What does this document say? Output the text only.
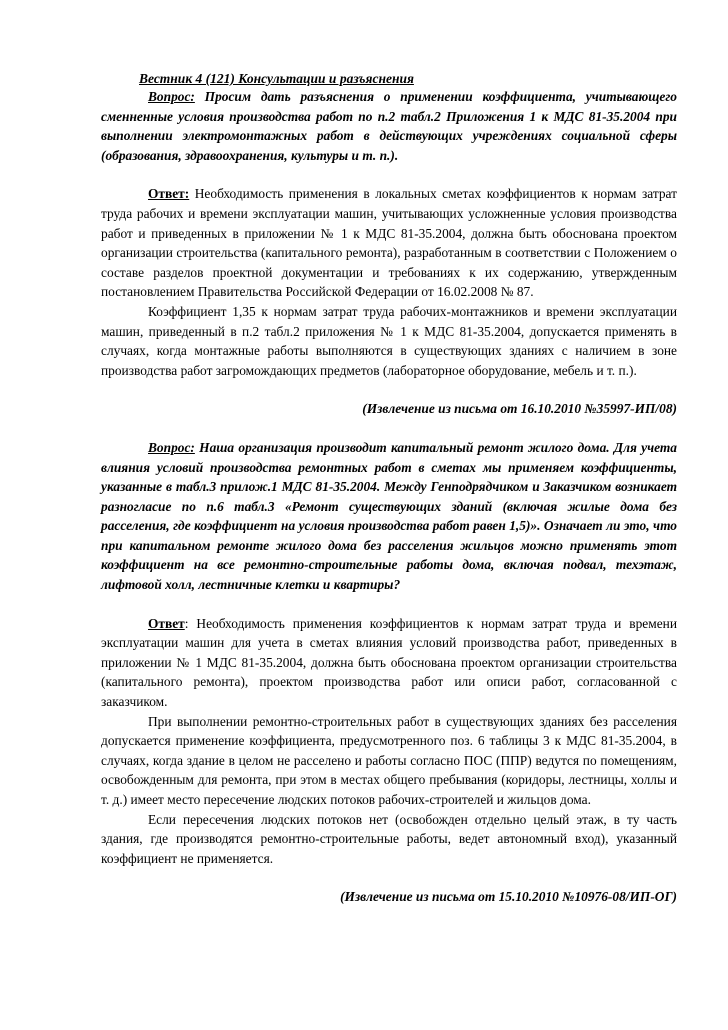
Вестник 4 (121) Консультации и разъяснения

Вопрос: Просим дать разъяснения о применении коэффициента, учитывающего сменненные условия производства работ по п.2 табл.2 Приложения 1 к МДС 81-35.2004 при выполнении электромонтажных работ в действующих учреждениях социальной сферы (образования, здравоохранения, культуры и т. п.).

Ответ: Необходимость применения в локальных сметах коэффициентов к нормам затрат труда рабочих и времени эксплуатации машин, учитывающих усложненные условия производства работ и приведенных в приложении № 1 к МДС 81-35.2004, должна быть обоснована проектом организации строительства (капитального ремонта), разработанным в соответствии с Положением о составе разделов проектной документации и требованиях к их содержанию, утвержденным постановлением Правительства Российской Федерации от 16.02.2008 № 87.

Коэффициент 1,35 к нормам затрат труда рабочих-монтажников и времени эксплуатации машин, приведенный в п.2 табл.2 приложения № 1 к МДС 81-35.2004, допускается применять в случаях, когда монтажные работы выполняются в существующих зданиях с наличием в зоне производства работ загромождающих предметов (лабораторное оборудование, мебель и т. п.).

(Извлечение из письма от 16.10.2010 №35997-ИП/08)

Вопрос: Наша организация производит капитальный ремонт жилого дома. Для учета влияния условий производства ремонтных работ в сметах мы применяем коэффициенты, указанные в табл.3 прилож.1 МДС 81-35.2004. Между Генподрядчиком и Заказчиком возникает разногласие по п.6 табл.3 «Ремонт существующих зданий (включая жилые дома без расселения, где коэффициент на условия производства работ равен 1,5)». Означает ли это, что при капитальном ремонте жилого дома без расселения жильцов можно применять этот коэффициент на все ремонтно-строительные работы дома, включая подвал, техэтаж, лифтовой холл, лестничные клетки и квартиры?

Ответ: Необходимость применения коэффициентов к нормам затрат труда и времени эксплуатации машин для учета в сметах влияния условий производства работ, приведенных в приложении № 1 МДС 81-35.2004, должна быть обоснована проектом организации строительства (капитального ремонта), проектом производства работ или описи работ, согласованной с заказчиком.

При выполнении ремонтно-строительных работ в существующих зданиях без расселения допускается применение коэффициента, предусмотренного поз. 6 таблицы 3 к МДС 81-35.2004, в случаях, когда здание в целом не расселено и работы согласно ПОС (ППР) ведутся по помещениям, освобожденным для ремонта, при этом в местах общего пребывания (коридоры, лестницы, холлы и т. д.) имеет место пересечение людских потоков рабочих-строителей и жильцов дома.

Если пересечения людских потоков нет (освобожден отдельно целый этаж, в ту часть здания, где производятся ремонтно-строительные работы, ведет автономный вход), указанный коэффициент не применяется.

(Извлечение из письма от 15.10.2010 №10976-08/ИП-ОГ)
